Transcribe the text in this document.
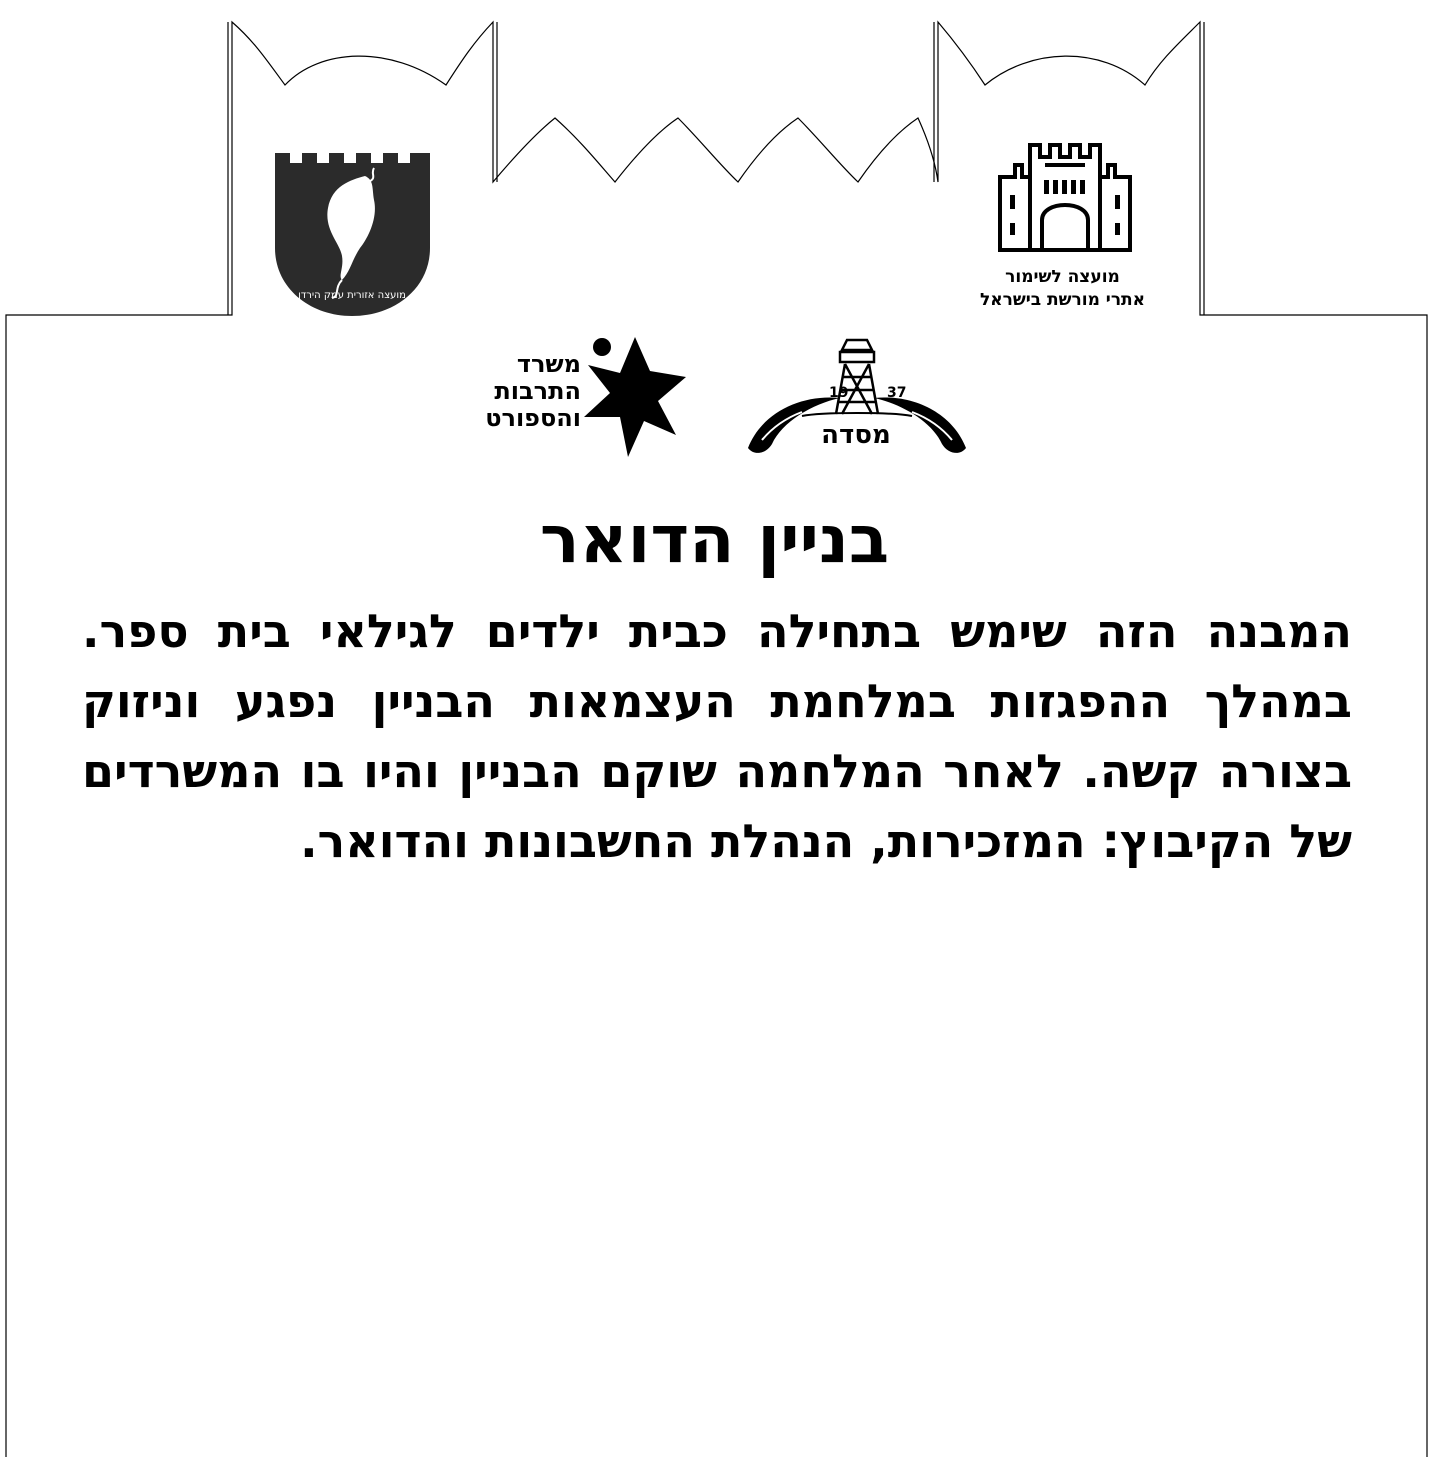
מועצה אזורית עמק הירדן
מועצה לשימור
אתרי מורשת בישראל
משרד
התרבות
והספורט
19	37
מסדה
בניין הדואר

המבנה הזה שימש בתחילה כבית ילדים לגילאי בית ספר. במהלך ההפגזות במלחמת העצמאות הבניין נפגע וניזוק בצורה קשה. לאחר המלחמה שוקם הבניין והיו בו המשרדים של הקיבוץ: המזכירות, הנהלת החשבונות והדואר.
